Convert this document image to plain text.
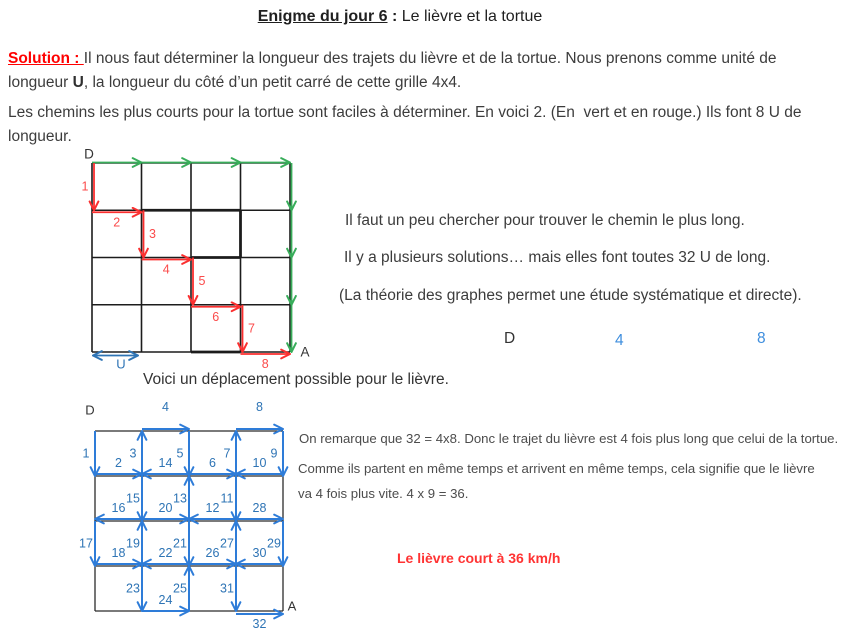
Enigme du jour 6 : Le lièvre et la tortue
Solution : Il nous faut déterminer la longueur des trajets du lièvre et de la tortue. Nous prenons comme unité de
longueur U, la longueur du côté d’un petit carré de cette grille 4x4.
Les chemins les plus courts pour la tortue sont faciles à déterminer. En voici 2. (En  vert et en rouge.) Ils font 8 U de
longueur.
1
2
3
4
5
6
7
8
D
A
U
Il faut un peu chercher pour trouver le chemin le plus long.
Il y a plusieurs solutions… mais elles font toutes 32 U de long.
(La théorie des graphes permet une étude systématique et directe).
D	4	8
Voici un déplacement possible pour le lièvre.
1
2
3
4
5
6
7
8
9
10
11
12
13
14
15
16
17
18
19
20
21
22
23
24
25
26
27
28
29
30
31
32
D
A
On remarque que 32 = 4x8. Donc le trajet du lièvre est 4 fois plus long que celui de la tortue.
Comme ils partent en même temps et arrivent en même temps, cela signifie que le lièvre
va 4 fois plus vite. 4 x 9 = 36.
Le lièvre court à 36 km/h
